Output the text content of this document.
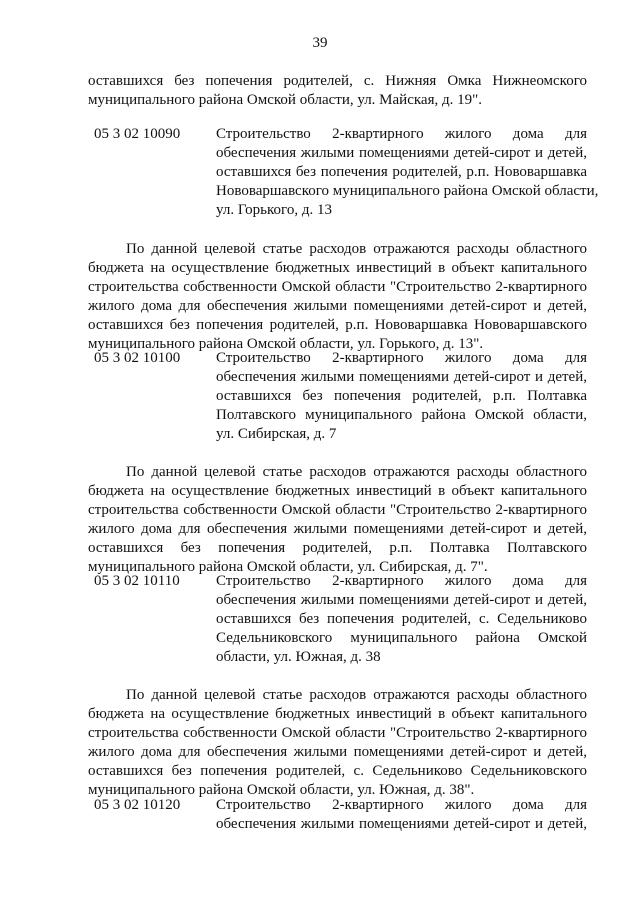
39
оставшихся без попечения родителей, с. Нижняя Омка Нижнеомского
муниципального района Омской области, ул. Майская, д. 19".
05 3 02 10090 Строительство 2-квартирного жилого дома для
обеспечения жилыми помещениями детей-сирот и детей,
оставшихся без попечения родителей, р.п. Нововаршавка
Нововаршавского муниципального района Омской области,
ул. Горького, д. 13
По данной целевой статье расходов отражаются расходы областного
бюджета на осуществление бюджетных инвестиций в объект капитального
строительства собственности Омской области "Строительство 2-квартирного
жилого дома для обеспечения жилыми помещениями детей-сирот и детей,
оставшихся без попечения родителей, р.п. Нововаршавка Нововаршавского
муниципального района Омской области, ул. Горького, д. 13".
05 3 02 10100 Строительство 2-квартирного жилого дома для
обеспечения жилыми помещениями детей-сирот и детей,
оставшихся без попечения родителей, р.п. Полтавка
Полтавского муниципального района Омской области,
ул. Сибирская, д. 7
По данной целевой статье расходов отражаются расходы областного
бюджета на осуществление бюджетных инвестиций в объект капитального
строительства собственности Омской области "Строительство 2-квартирного
жилого дома для обеспечения жилыми помещениями детей-сирот и детей,
оставшихся без попечения родителей, р.п. Полтавка Полтавского
муниципального района Омской области, ул. Сибирская, д. 7".
05 3 02 10110 Строительство 2-квартирного жилого дома для
обеспечения жилыми помещениями детей-сирот и детей,
оставшихся без попечения родителей, с. Седельниково
Седельниковского муниципального района Омской
области, ул. Южная, д. 38
По данной целевой статье расходов отражаются расходы областного
бюджета на осуществление бюджетных инвестиций в объект капитального
строительства собственности Омской области "Строительство 2-квартирного
жилого дома для обеспечения жилыми помещениями детей-сирот и детей,
оставшихся без попечения родителей, с. Седельниково Седельниковского
муниципального района Омской области, ул. Южная, д. 38".
05 3 02 10120 Строительство 2-квартирного жилого дома для
обеспечения жилыми помещениями детей-сирот и детей,
